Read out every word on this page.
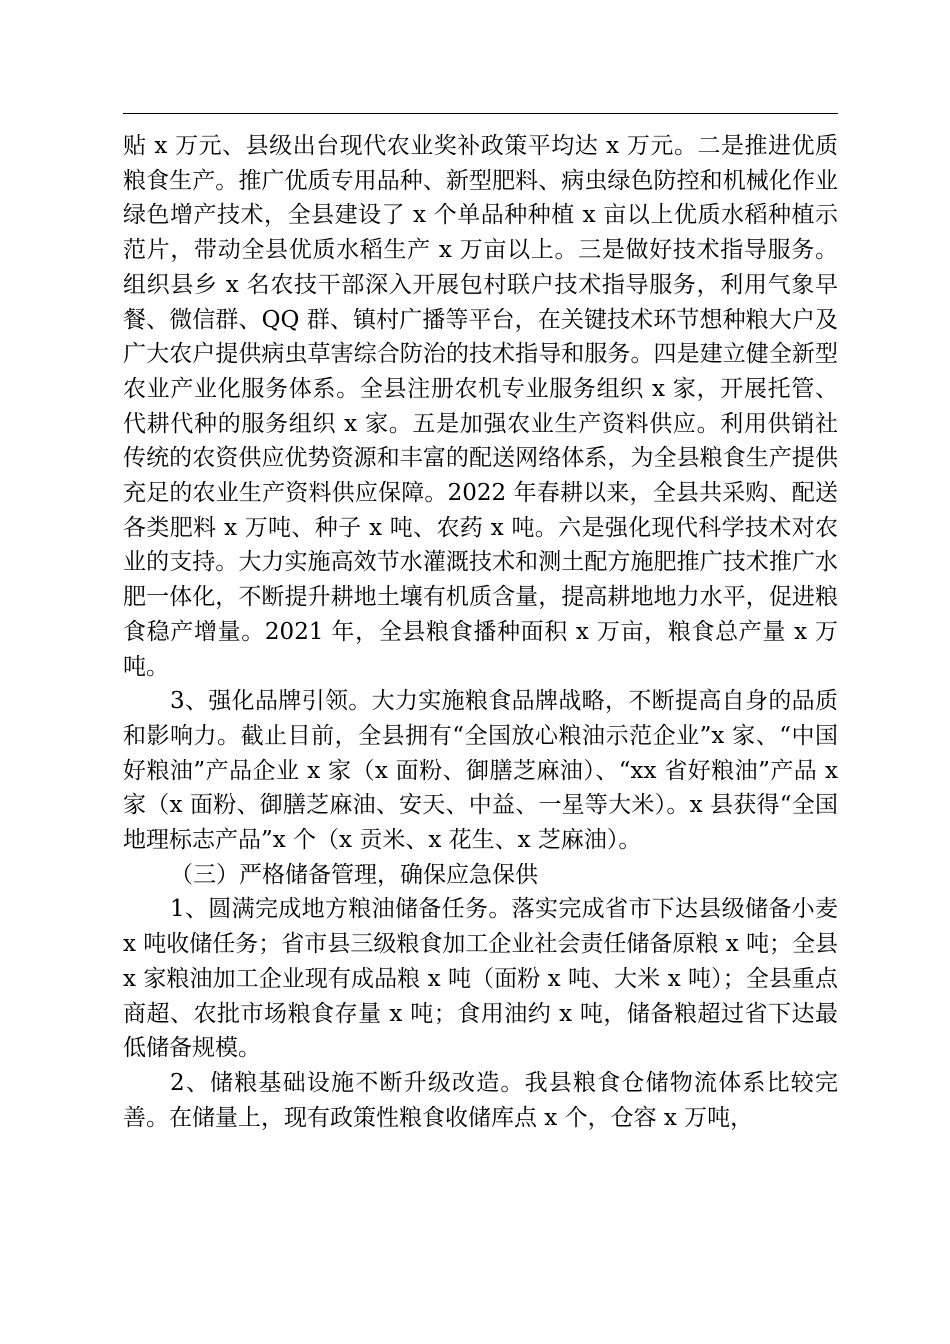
贴 x 万元、县级出台现代农业奖补政策平均达 x 万元。二是推进优质粮食生产。推广优质专用品种、新型肥料、病虫绿色防控和机械化作业绿色增产技术，全县建设了 x 个单品种种植 x 亩以上优质水稻种植示范片，带动全县优质水稻生产 x 万亩以上。三是做好技术指导服务。组织县乡 x 名农技干部深入开展包村联户技术指导服务，利用气象早餐、微信群、QQ 群、镇村广播等平台，在关键技术环节想种粮大户及广大农户提供病虫草害综合防治的技术指导和服务。四是建立健全新型农业产业化服务体系。全县注册农机专业服务组织 x 家，开展托管、代耕代种的服务组织 x 家。五是加强农业生产资料供应。利用供销社传统的农资供应优势资源和丰富的配送网络体系，为全县粮食生产提供充足的农业生产资料供应保障。2022 年春耕以来，全县共采购、配送各类肥料 x 万吨、种子 x 吨、农药 x 吨。六是强化现代科学技术对农业的支持。大力实施高效节水灌溉技术和测土配方施肥推广技术推广水肥一体化，不断提升耕地土壤有机质含量，提高耕地地力水平，促进粮食稳产增量。2021 年，全县粮食播种面积 x 万亩，粮食总产量 x 万吨。

3、强化品牌引领。大力实施粮食品牌战略，不断提高自身的品质和影响力。截止目前，全县拥有“全国放心粮油示范企业”x 家、“中国好粮油”产品企业 x 家（x 面粉、御膳芝麻油）、“xx 省好粮油”产品 x 家（x 面粉、御膳芝麻油、安天、中益、一星等大米）。x 县获得“全国地理标志产品”x 个（x 贡米、x 花生、x 芝麻油）。

（三）严格储备管理，确保应急保供

1、圆满完成地方粮油储备任务。落实完成省市下达县级储备小麦 x 吨收储任务；省市县三级粮食加工企业社会责任储备原粮 x 吨；全县 x 家粮油加工企业现有成品粮 x 吨（面粉 x 吨、大米 x 吨）；全县重点商超、农批市场粮食存量 x 吨；食用油约 x 吨，储备粮超过省下达最低储备规模。

2、储粮基础设施不断升级改造。我县粮食仓储物流体系比较完善。在储量上，现有政策性粮食收储库点 x 个，仓容 x 万吨，
